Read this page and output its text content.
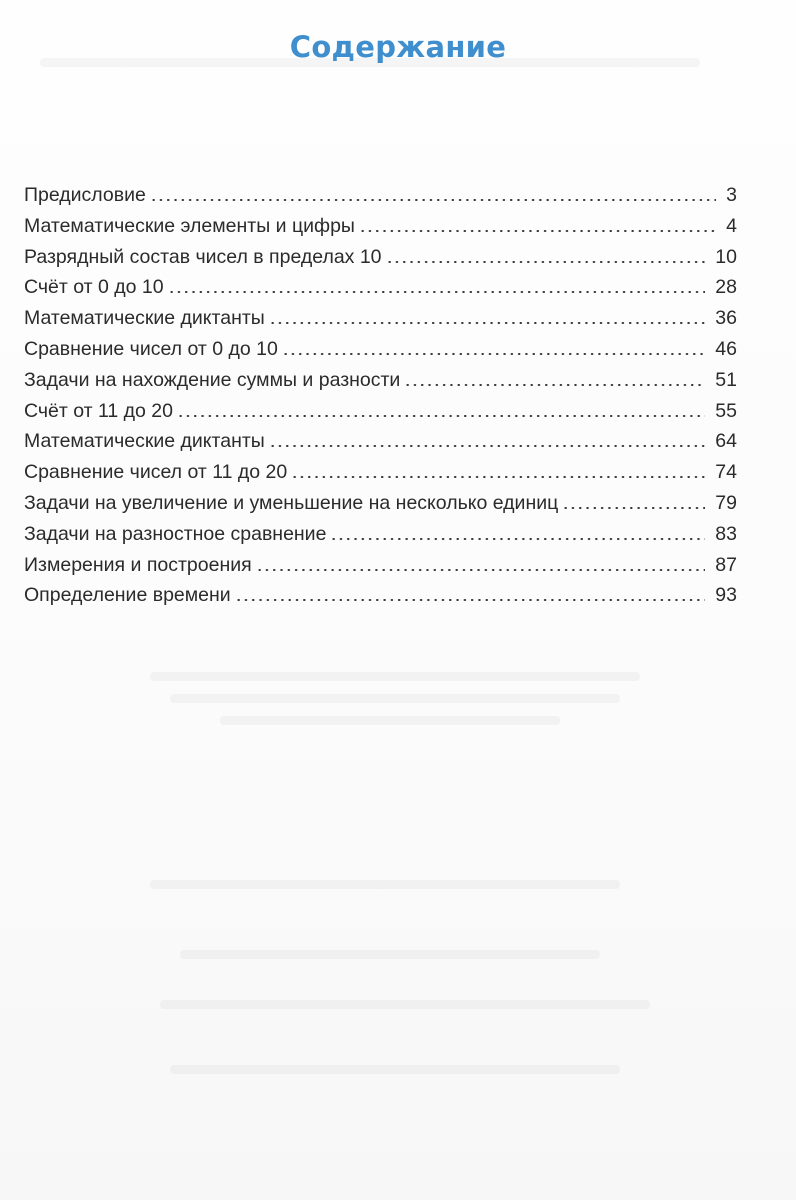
Содержание
Предисловие	3
Математические элементы и цифры	4
Разрядный состав чисел в пределах 10	10
Счёт от 0 до 10	28
Математические диктанты	36
Сравнение чисел от 0 до 10	46
Задачи на нахождение суммы и разности	51
Счёт от 11 до 20	55
Математические диктанты	64
Сравнение чисел от 11 до 20	74
Задачи на увеличение и уменьшение на несколько единиц	79
Задачи на разностное сравнение	83
Измерения и построения	87
Определение времени	93
